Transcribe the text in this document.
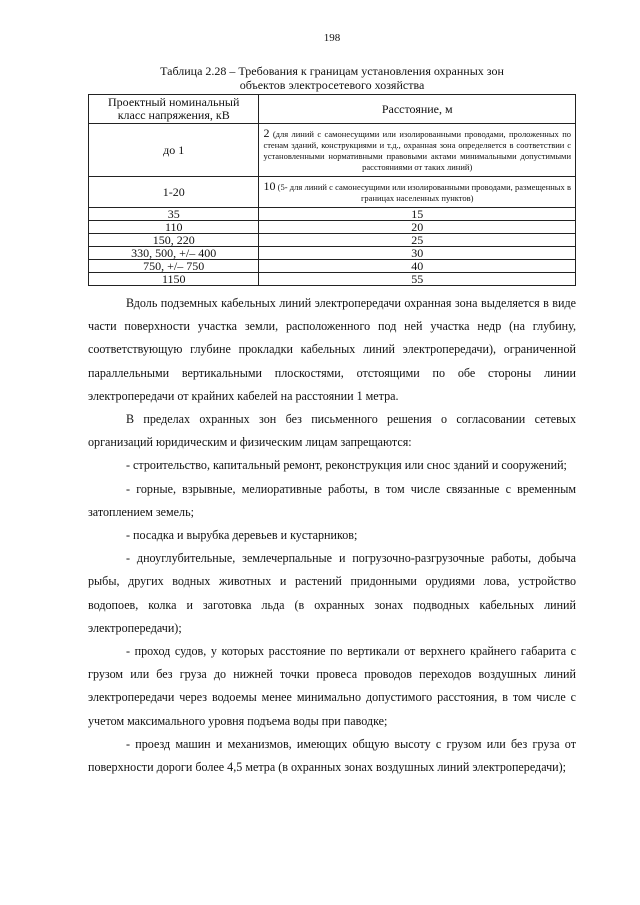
198
Таблица 2.28 – Требования к границам установления охранных зон
объектов электросетевого хозяйства
Проектный номинальный класс напряжения, кВ	Расстояние, м
до 1	2 (для линий с самонесущими или изолированными проводами, проложенных по стенам зданий, конструкциями и т.д., охранная зона определяется в соответствии с установленными нормативными правовыми актами минимальными допустимыми расстояниями от таких линий)
1-20	10 (5- для линий с самонесущими или изолированными проводами, размещенных в границах населенных пунктов)
35	15
110	20
150, 220	25
330, 500, +/– 400	30
750, +/– 750	40
1150	55

Вдоль подземных кабельных линий электропередачи охранная зона выделяется в виде части поверхности участка земли, расположенного под ней участка недр (на глубину, соответствующую глубине прокладки кабельных линий электропередачи), ограниченной параллельными вертикальными плоскостями, отстоящими по обе стороны линии электропередачи от крайних кабелей на расстоянии 1 метра.

В пределах охранных зон без письменного решения о согласовании сетевых организаций юридическим и физическим лицам запрещаются:

- строительство, капитальный ремонт, реконструкция или снос зданий и сооружений;

- горные, взрывные, мелиоративные работы, в том числе связанные с временным затоплением земель;

- посадка и вырубка деревьев и кустарников;

- дноуглубительные, землечерпальные и погрузочно-разгрузочные работы, добыча рыбы, других водных животных и растений придонными орудиями лова, устройство водопоев, колка и заготовка льда (в охранных зонах подводных кабельных линий электропередачи);

- проход судов, у которых расстояние по вертикали от верхнего крайнего габарита с грузом или без груза до нижней точки провеса проводов переходов воздушных линий электропередачи через водоемы менее минимально допустимого расстояния, в том числе с учетом максимального уровня подъема воды при паводке;

- проезд машин и механизмов, имеющих общую высоту с грузом или без груза от поверхности дороги более 4,5 метра (в охранных зонах воздушных линий электропередачи);
